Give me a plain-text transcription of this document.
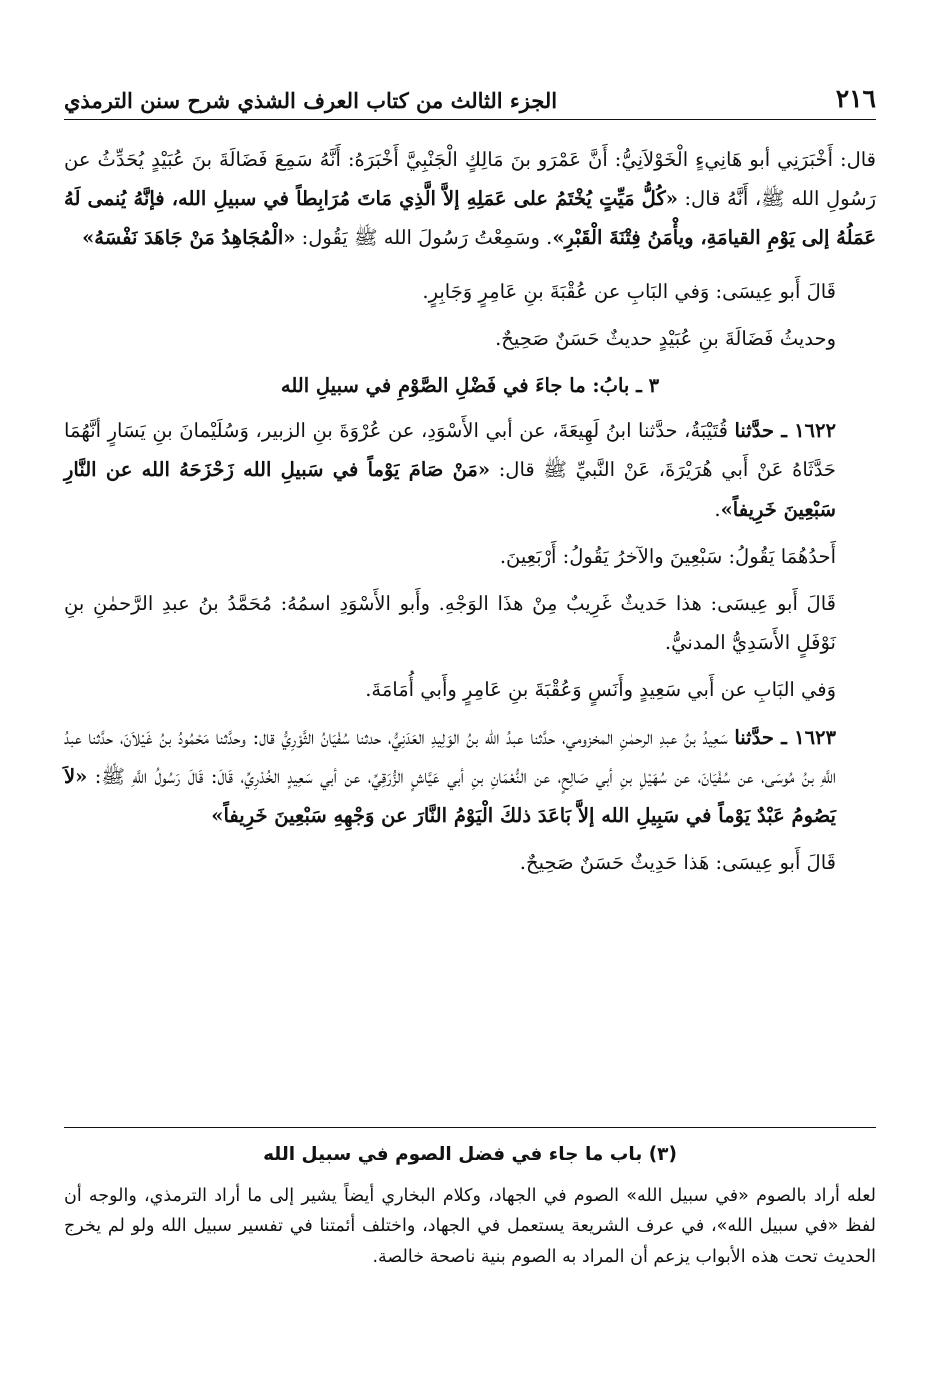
٢١٦
الجزء الثالث من كتاب العرف الشذي شرح سنن الترمذي

قال: أَخْبَرَنِي أبو هَانِيءٍ الْخَوْلاَنِيُّ: أَنَّ عَمْرَو بنَ مَالِكٍ الْجَنْبِيَّ أَخْبَرَهُ: أَنَّهُ سَمِعَ فَضَالَةَ بنَ عُبَيْدٍ يُحَدِّثُ عن رَسُولِ الله ﷺ، أَنَّهُ قال: «كُلُّ مَيِّتٍ يُخْتَمُ على عَمَلِهِ إلاَّ الَّذِي مَاتَ مُرَابِطاً في سبيلِ الله، فإنَّهُ يُنمى لَهُ عَمَلُهُ إلى يَوْمِ القيامَةِ، ويأْمَنُ فِتْنَةَ الْقَبْرِ». وسَمِعْتُ رَسُولَ الله ﷺ يَقُول: «الْمُجَاهِدُ مَنْ جَاهَدَ نَفْسَهُ»

قَالَ أَبو عِيسَى: وَفي البَابِ عن عُقْبَةَ بنِ عَامِرٍ وَجَابِرٍ.

وحديثُ فَضَالَةَ بنِ عُبَيْدٍ حديثٌ حَسَنٌ صَحِيحٌ.

٣ ـ بابُ: ما جاءَ في فَضْلِ الصَّوْمِ في سبيلِ الله

١٦٢٢ ـ حدَّثنا قُتَيْبَةُ، حدَّثنا ابنُ لَهِيعَةَ، عن أبي الأَسْوَدِ، عن عُرْوَةَ بنِ الزبير، وَسُلَيْمانَ بنِ يَسَارٍ أنَّهُمَا حَدَّثَاهُ عَنْ أَبي هُرَيْرَةَ، عَنْ النَّبيِّ ﷺ قال: «مَنْ صَامَ يَوْماً في سَبيلِ الله زَحْزَحَهُ الله عن النَّارِ سَبْعِينَ خَرِيفاً».

أَحدُهُمَا يَقُولُ: سَبْعِينَ والآخرُ يَقُولُ: أَرْبَعِينَ.

قَالَ أَبو عِيسَى: هذا حَديثٌ غَرِيبٌ مِنْ هذَا الوَجْهِ. وأَبو الأَسْوَدِ اسمُهُ: مُحَمَّدُ بنُ عبدِ الرَّحمٰنِ بنِ نَوْفَلٍ الأَسَدِيُّ المدنيُّ.

وَفي البَابِ عن أَبي سَعِيدٍ وأَنَسٍ وَعُقْبَةَ بنِ عَامِرٍ وأَبي أُمَامَةَ.

١٦٢٣ ـ حدَّثنا سَعِيدُ بنُ عبدِ الرحمٰنِ المخزومي، حدَّثنا عبدُ الله بنُ الوَلِيدِ العَدَنِيُّ، حدثنا سُفْيَانُ الثَّوْرِيُّ قال: وحدَّثنا مَحْمُودُ بنُ غَيْلاَنَ، حدَّثنا عبدُ اللَّهِ بنُ مُوسَى، عن سُفْيَانَ، عن سُهَيْلِ بنِ أبي صَالِحٍ، عن النُّعْمَانِ بنِ أبي عَيَّاشٍ الزُّرَقِيِّ، عن أبي سَعِيدٍ الخُدْرِيِّ، قَالَ: قَالَ رَسُولُ اللَّهِ ﷺ: «لاَ يَصُومُ عَبْدٌ يَوْماً في سَبِيلِ الله إلاَّ بَاعَدَ ذلكَ الْيَوْمُ النَّارَ عن وَجْهِهِ سَبْعِينَ خَرِيفاً»

قَالَ أَبو عِيسَى: هَذا حَدِيثٌ حَسَنٌ صَحِيحٌ.

(٣) باب ما جاء في فضل الصوم في سبيل الله

لعله أراد بالصوم «في سبيل الله» الصوم في الجهاد، وكلام البخاري أيضاً يشير إلى ما أراد الترمذي، والوجه أن لفظ «في سبيل الله»، في عرف الشريعة يستعمل في الجهاد، واختلف أئمتنا في تفسير سبيل الله ولو لم يخرج الحديث تحت هذه الأبواب يزعم أن المراد به الصوم بنية ناصحة خالصة.
